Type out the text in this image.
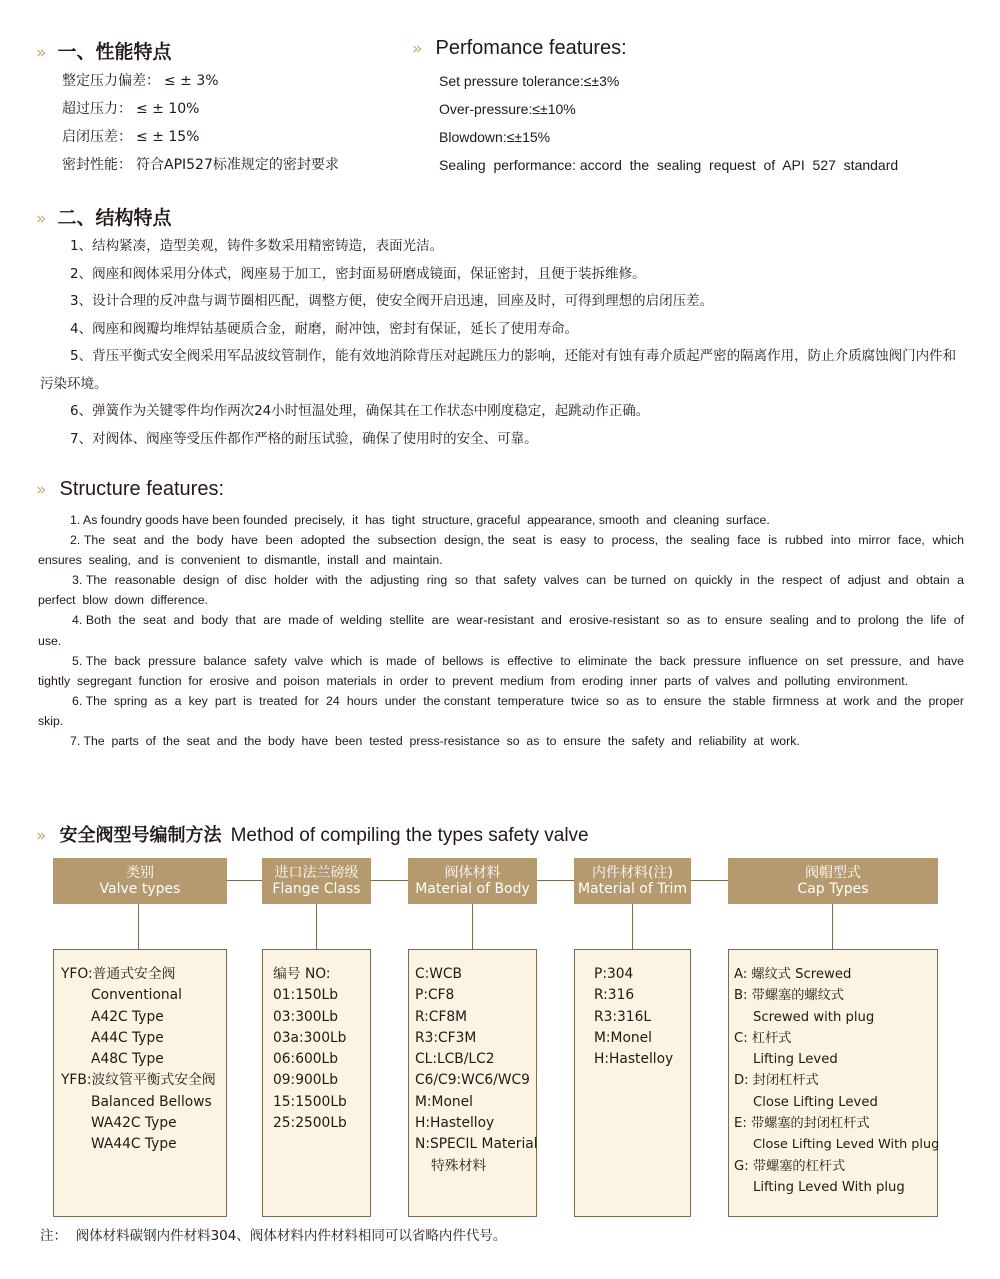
» 一、性能特点
整定压力偏差： ≤ ± 3%
超过压力： ≤ ± 10%
启闭压差： ≤ ± 15%
密封性能： 符合API527标准规定的密封要求
» Perfomance features:
Set pressure tolerance:≤±3%
Over-pressure:≤±10%
Blowdown:≤±15%
Sealing  performance: accord  the  sealing  request  of  API  527  standard
» 二、结构特点

1、结构紧凑，造型美观，铸件多数采用精密铸造，表面光洁。

2、阀座和阀体采用分体式，阀座易于加工，密封面易研磨成镜面，保证密封，且便于装拆维修。

3、设计合理的反冲盘与调节圈相匹配，调整方便，使安全阀开启迅速，回座及时，可得到理想的启闭压差。

4、阀座和阀瓣均堆焊钴基硬质合金，耐磨，耐冲蚀，密封有保证，延长了使用寿命。

5、背压平衡式安全阀采用军品波纹管制作，能有效地消除背压对起跳压力的影响，还能对有蚀有毒介质起严密的隔离作用，防止介质腐蚀阀门内件和污染环境。

6、弹簧作为关键零件均作两次24小时恒温处理，确保其在工作状态中刚度稳定，起跳动作正确。

7、对阀体、阀座等受压件都作严格的耐压试验，确保了使用时的安全、可靠。

» Structure features:

1. As foundry goods have been founded  precisely,  it  has  tight  structure, graceful  appearance, smooth  and  cleaning  surface.

2. The  seat  and  the  body  have  been  adopted  the  subsection  design, the  seat  is  easy  to  process,  the  sealing  face  is  rubbed  into  mirror  face,  which  ensures  sealing,  and  is  convenient  to  dismantle,  install  and  maintain.

3. The  reasonable  design  of  disc  holder  with  the  adjusting  ring  so  that  safety  valves  can  be turned  on  quickly  in  the  respect  of  adjust  and  obtain  a  perfect  blow  down  difference.

4. Both  the  seat  and  body  that  are  made of  welding  stellite  are  wear-resistant  and  erosive-resistant  so  as  to  ensure  sealing  and to  prolong  the  life  of  use.

5. The  back  pressure  balance  safety  valve  which  is  made  of  bellows  is  effective  to  eliminate  the  back  pressure  influence  on  set  pressure,  and  have  tightly  segregant  function  for  erosive  and  poison  materials  in  order  to  prevent  medium  from  eroding  inner  parts  of  valves  and  polluting  environment.

6. The  spring  as  a  key  part  is  treated  for  24  hours  under  the constant  temperature  twice  so  as  to  ensure  the  stable  firmness  at  work  and  the  proper  skip.

7. The  parts  of  the  seat  and  the  body  have  been  tested  press-resistance  so  as  to  ensure  the  safety  and  reliability  at  work.

» 安全阀型号编制方法 Method of compiling the types safety valve
类别
Valve types
进口法兰磅级
Flange Class
阀体材料
Material of Body
内件材料(注)
Material of Trim
阀帽型式
Cap Types
YFO:普通式安全阀
Conventional
A42C Type
A44C Type
A48C Type
YFB:波纹管平衡式安全阀
Balanced Bellows
WA42C Type
WA44C Type
编号 NO:
01:150Lb
03:300Lb
03a:300Lb
06:600Lb
09:900Lb
15:1500Lb
25:2500Lb
C:WCB
P:CF8
R:CF8M
R3:CF3M
CL:LCB/LC2
C6/C9:WC6/WC9
M:Monel
H:Hastelloy
N:SPECIL Material
特殊材料
P:304
R:316
R3:316L
M:Monel
H:Hastelloy
A: 螺纹式 Screwed
B: 带螺塞的螺纹式
Screwed with plug
C: 杠杆式
Lifting Leved
D: 封闭杠杆式
Close Lifting Leved
E: 带螺塞的封闭杠杆式
Close Lifting Leved With plug
G: 带螺塞的杠杆式
Lifting Leved With plug
注：  阀体材料碳钢内件材料304、阀体材料内件材料相同可以省略内件代号。
